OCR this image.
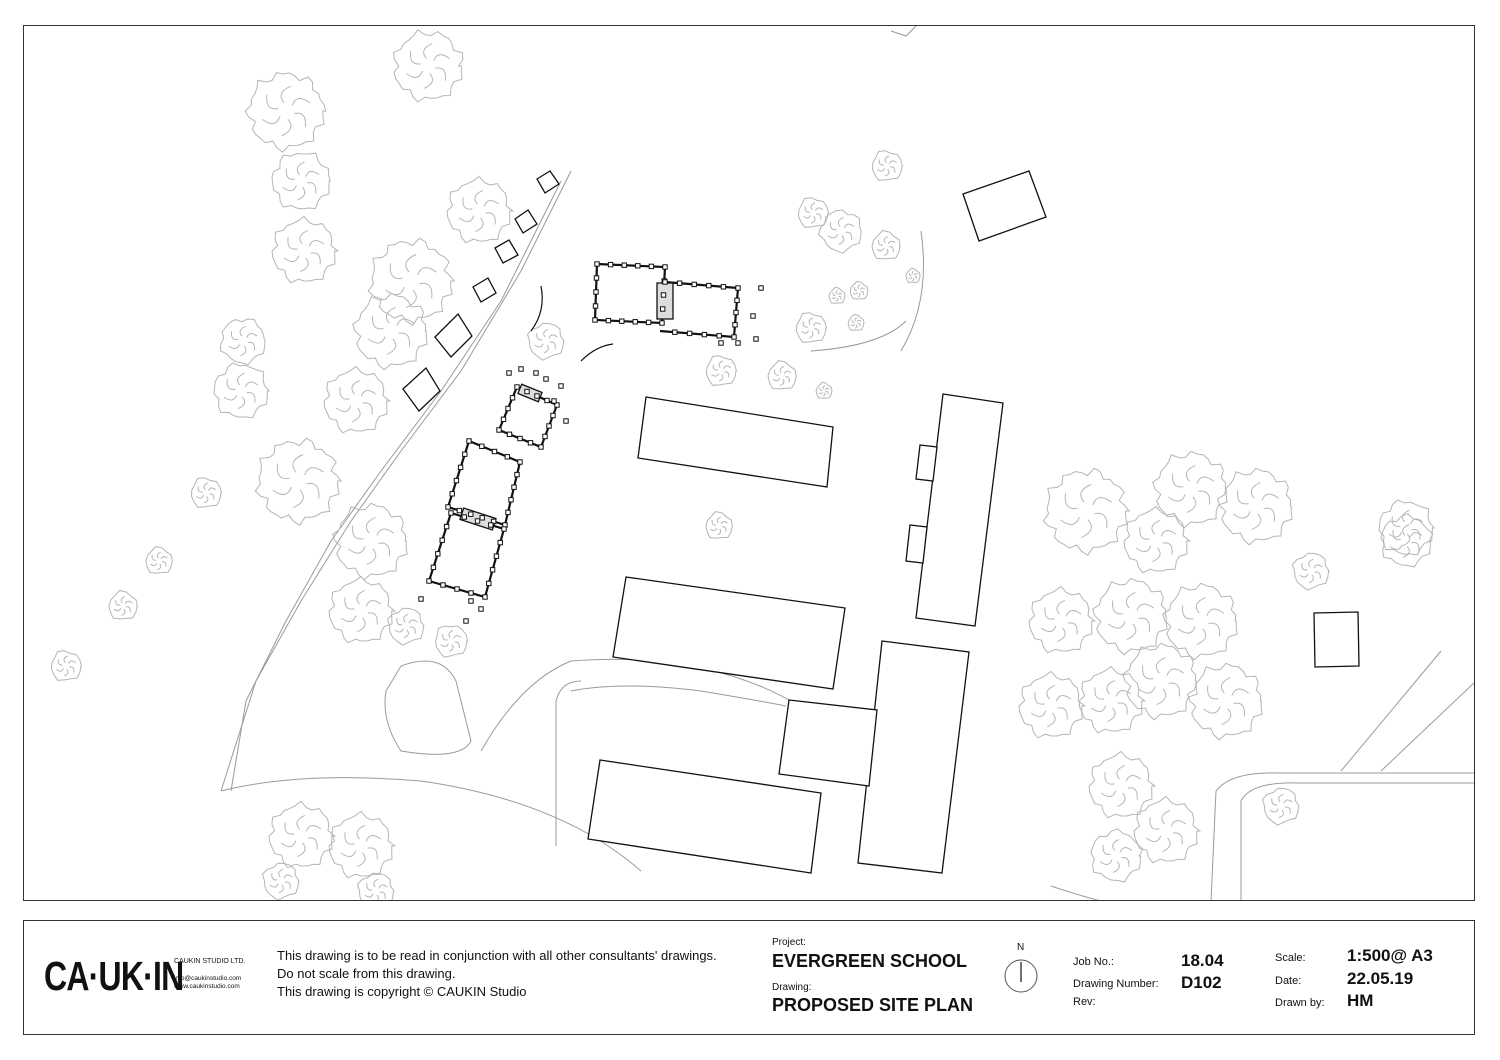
CA·UK·IN
CAUKIN STUDIO LTD.
info@caukinstudio.com
www.caukinstudio.com
This drawing is to be read in conjunction with all other consultants' drawings.
Do not scale from this drawing.
This drawing is copyright © CAUKIN Studio
Project:
EVERGREEN SCHOOL
Drawing:
PROPOSED SITE PLAN
N
Job No.:	18.04
Drawing Number: D102
Rev:
Scale: 1:500@ A3
Date:	22.05.19
Drawn by: HM
